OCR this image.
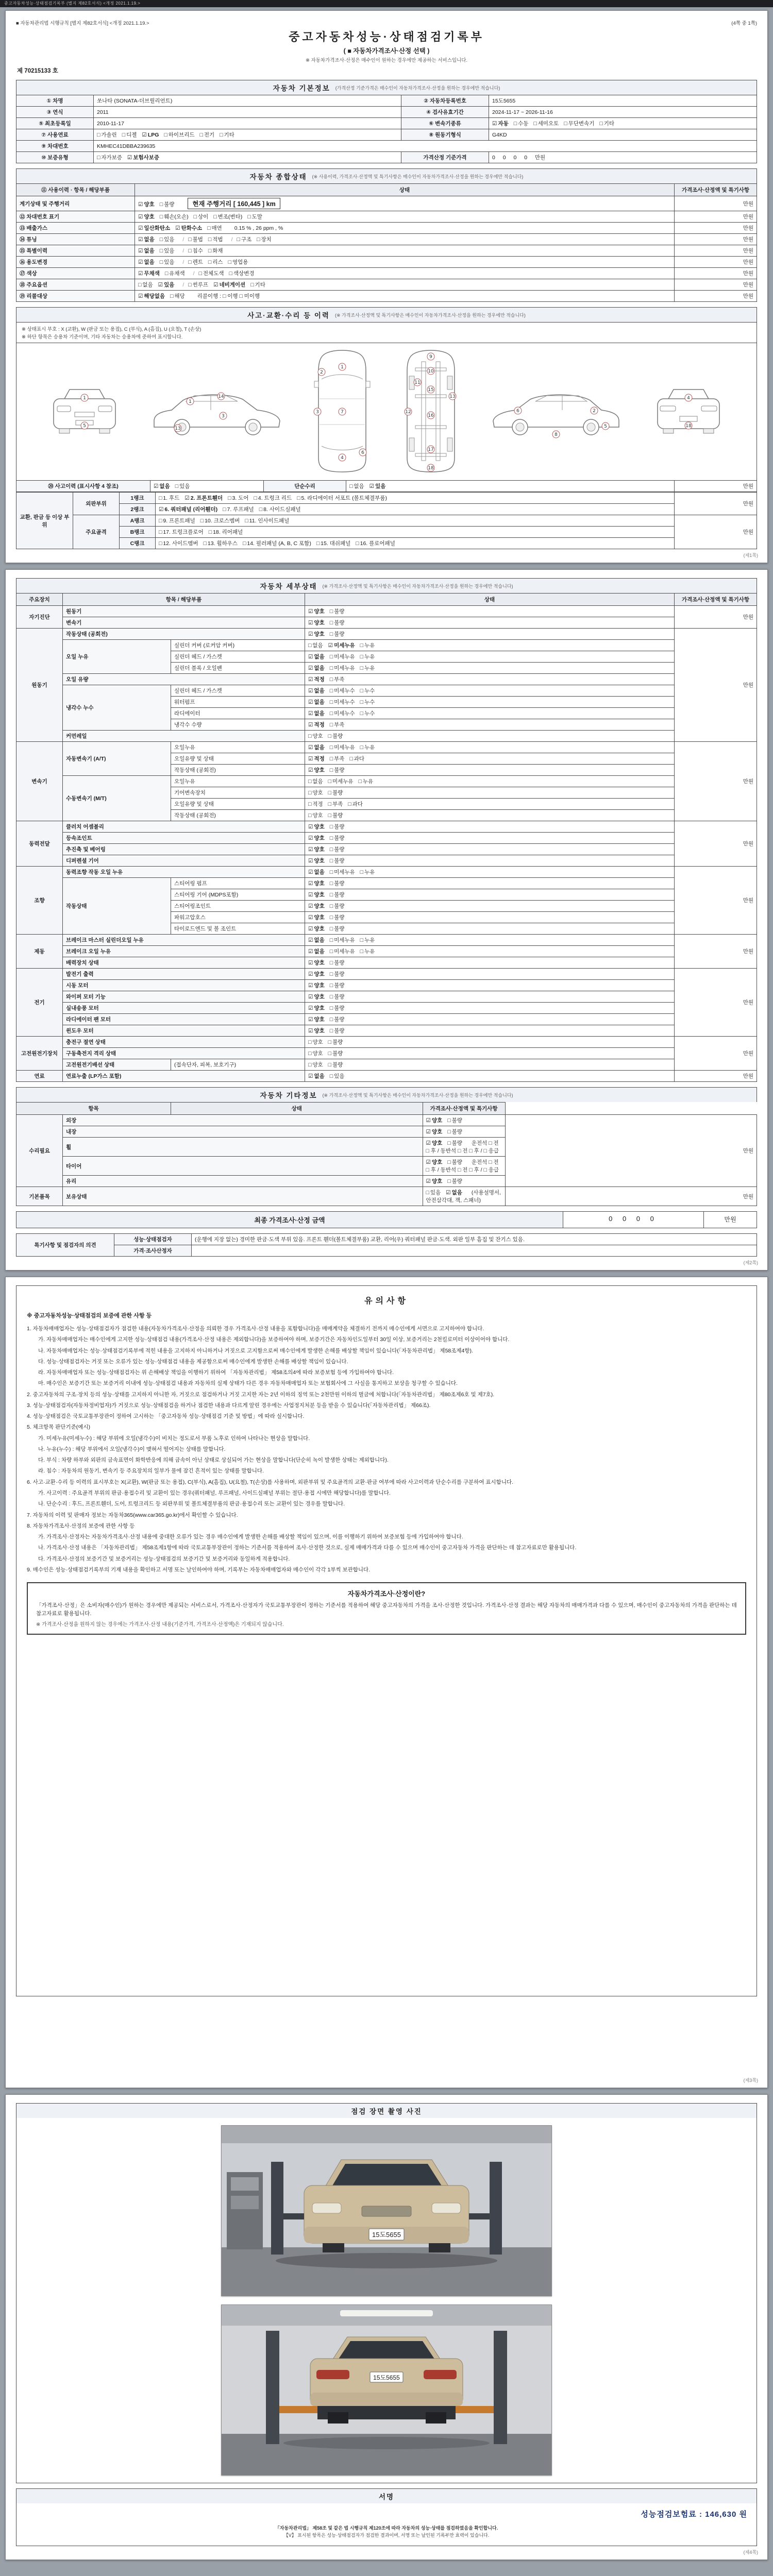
중고자동차성능·상태점검기록부 (별지 제82호서식) <개정 2021.1.19.>
■ 자동차관리법 시행규칙 [별지 제82호서식] <개정 2021.1.19.>	(4쪽 중 1쪽)
중고자동차성능·상태점검기록부
( ■ 자동차가격조사·산정 선택 )
※ 자동차가격조사·산정은 매수인이 원하는 경우에만 제공하는 서비스입니다.
제 70215133 호
자동차 기본정보 (가격산정 기준가격은 매수인이 자동차가격조사·산정을 원하는 경우에만 적습니다)
① 차명	쏘나타 (SONATA-더브릴리언트)	② 자동차등록번호	15도5655
③ 연식	2011	④ 검사유효기간	2024-11-17 ~ 2026-11-16
⑤ 최초등록일	2010-11-17	⑥ 변속기종류	☑ 자동 □ 수동 □ 세미오토 □ 무단변속기 □ 기타
⑦ 사용연료	□ 가솔린 □ 디젤 ☑ LPG □ 하이브리드 □ 전기 □ 기타	⑧ 원동기형식	G4KD
⑨ 차대번호	KMHEC41DBBA239635		
⑩ 보증유형	□ 자가보증 ☑ 보험사보증	가격산정 기준가격	0 0 0 0 만원
자동차 종합상태 (※ 사용이력, 가격조사·산정액 및 특기사항은 매수인이 자동차가격조사·산정을 원하는 경우에만 적습니다)
⑪ 사용이력 · 항목 / 해당부품	상태	가격조사·산정액 및 특기사항
계기상태 및 주행거리	☑ 양호 □ 불량 현재 주행거리 [ 160,445 ] km	만원
⑫ 차대번호 표기	☑ 양호 □ 훼손(오손) □ 상이 □ 변조(변타) □ 도말	만원
⑬ 배출가스	☑ 일산화탄소 ☑ 탄화수소 □ 매연 0.15 % , 26 ppm , %	만원
⑭ 튜닝	☑ 없음 □ 있음 / □ 불법 □ 적법 / □ 구조 □ 장치	만원
⑮ 특별이력	☑ 없음 □ 있음 / □ 침수 □ 화재	만원
⑯ 용도변경	☑ 없음 □ 있음 / □ 렌트 □ 리스 □ 영업용	만원
⑰ 색상	☑ 무채색 □ 유채색 / □ 전체도색 □ 색상변경	만원
⑱ 주요옵션	□ 없음 ☑ 있음 / □ 썬루프 ☑ 네비게이션 □ 기타	만원
⑲ 리콜대상	☑ 해당없음 □ 해당 리콜이행 : □ 이행 □ 미이행	만원
사고·교환·수리 등 이력 (※ 가격조사·산정액 및 특기사항은 매수인이 자동차가격조사·산정을 원하는 경우에만 적습니다)
※ 상태표시 부호 : X (교환), W (판금 또는 용접), C (부식), A (흠집), U (요철), T (손상)
※ 하단 항목은 승용차 기준이며, 기타 자동차는 승용차에 준하여 표시합니다.
1
5
1
14
3
13
1
7
4
2
6
3
9
10
11
15
12
16
13
17
18
5
2
6
8
4
18
⑳ 사고이력 (표시사항 4 참조)	☑ 없음 □ 있음	단순수리	□ 없음 ☑ 있음	만원
교환, 판금 등 이상 부위	외판부위	1랭크	□ 1. 후드 ☑ 2. 프론트휀더 □ 3. 도어 □ 4. 트렁크 리드 □ 5. 라디에이터 서포트 (볼트체결부품)	만원
		2랭크	☑ 6. 쿼터패널 (리어휀더) □ 7. 루프패널 □ 8. 사이드실패널	
	주요골격	A랭크	□ 9. 프론트패널 □ 10. 크로스멤버 □ 11. 인사이드패널	만원
		B랭크	□ 17. 트렁크플로어 □ 18. 리어패널	
		C랭크	□ 12. 사이드멤버 □ 13. 휠하우스 □ 14. 필러패널 (A, B, C 포함) □ 15. 대쉬패널 □ 16. 플로어패널	
(제1쪽)
자동차 세부상태 (※ 가격조사·산정액 및 특기사항은 매수인이 자동차가격조사·산정을 원하는 경우에만 적습니다)
주요장치	항목 / 해당부품		상태	가격조사·산정액 및 특기사항
자기진단	원동기		☑ 양호 □ 불량	만원
	변속기		☑ 양호 □ 불량	
원동기	작동상태 (공회전)		☑ 양호 □ 불량	만원
	오일 누유	실린더 커버 (로커암 커버)	□ 없음 ☑ 미세누유 □ 누유	
		실린더 헤드 / 가스켓	☑ 없음 □ 미세누유 □ 누유	
		실린더 블록 / 오일팬	☑ 없음 □ 미세누유 □ 누유	
	오일 유량		☑ 적정 □ 부족	
	냉각수 누수	실린더 헤드 / 가스켓	☑ 없음 □ 미세누수 □ 누수	
		워터펌프	☑ 없음 □ 미세누수 □ 누수	
		라디에이터	☑ 없음 □ 미세누수 □ 누수	
		냉각수 수량	☑ 적정 □ 부족	
	커먼레일		□ 양호 □ 불량	
변속기	자동변속기 (A/T)	오일누유	☑ 없음 □ 미세누유 □ 누유	만원
		오일유량 및 상태	☑ 적정 □ 부족 □ 과다	
		작동상태 (공회전)	☑ 양호 □ 불량	
	수동변속기 (M/T)	오일누유	□ 없음 □ 미세누유 □ 누유	
		기어변속장치	□ 양호 □ 불량	
		오일유량 및 상태	□ 적정 □ 부족 □ 과다	
		작동상태 (공회전)	□ 양호 □ 불량	
동력전달	클러치 어셈블리		☑ 양호 □ 불량	만원
	등속조인트		☑ 양호 □ 불량	
	추진축 및 베어링		☑ 양호 □ 불량	
	디퍼렌셜 기어		☑ 양호 □ 불량	
조향	동력조향 작동 오일 누유		☑ 없음 □ 미세누유 □ 누유	만원
	작동상태	스티어링 펌프	☑ 양호 □ 불량	
		스티어링 기어 (MDPS포함)	☑ 양호 □ 불량	
		스티어링조인트	☑ 양호 □ 불량	
		파워고압호스	☑ 양호 □ 불량	
		타이로드엔드 및 볼 조인트	☑ 양호 □ 불량	
제동	브레이크 마스터 실린더오일 누유		☑ 없음 □ 미세누유 □ 누유	만원
	브레이크 오일 누유		☑ 없음 □ 미세누유 □ 누유	
	배력장치 상태		☑ 양호 □ 불량	
전기	발전기 출력		☑ 양호 □ 불량	만원
	시동 모터		☑ 양호 □ 불량	
	와이퍼 모터 기능		☑ 양호 □ 불량	
	실내송풍 모터		☑ 양호 □ 불량	
	라디에이터 팬 모터		☑ 양호 □ 불량	
	윈도우 모터		☑ 양호 □ 불량	
고전원전기장치	충전구 절연 상태		□ 양호 □ 불량	만원
	구동축전지 격리 상태		□ 양호 □ 불량	
	고전원전기배선 상태	(접속단자, 피복, 보호기구)	□ 양호 □ 불량	
연료	연료누출 (LP가스 포함)		☑ 없음 □ 있음	만원
자동차 기타정보 (※ 가격조사·산정액 및 특기사항은 매수인이 자동차가격조사·산정을 원하는 경우에만 적습니다)
항목		상태	가격조사·산정액 및 특기사항	
수리필요	외장		☑ 양호 □ 불량	만원
	내장		☑ 양호 □ 불량	
	휠		☑ 양호 □ 불량 운전석 □ 전 □ 후 / 동반석 □ 전 □ 후 / □ 응급	
	타이어		☑ 양호 □ 불량 운전석 □ 전 □ 후 / 동반석 □ 전 □ 후 / □ 응급	
	유리		☑ 양호 □ 불량	
기본품목	보유상태		□ 있음 ☑ 없음 (사용설명서, 안전삼각대, 잭, 스패너)	만원
최종 가격조사·산정 금액	0 0 0 0	만원
특기사항 및 점검자의 의견	성능·상태점검자	(운행에 지장 없는) 경미한 판금·도색 부위 있음. 프론트 휀더(볼트체결부품) 교환, 리어(우) 쿼터패널 판금·도색. 외판 일부 흠집 및 잔기스 있음.
	가격·조사산정자	
(제2쪽)
유의사항
※ 중고자동차성능·상태점검의 보증에 관한 사항 등

1. 자동차매매업자는 성능·상태점검자가 점검한 내용(자동차가격조사·산정을 의뢰한 경우 가격조사·산정 내용을 포함합니다)을 매매계약을 체결하기 전까지 매수인에게 서면으로 고지하여야 합니다.

가. 자동차매매업자는 매수인에게 고지한 성능·상태점검 내용(가격조사·산정 내용은 제외합니다)을 보증하여야 하며, 보증기간은 자동차인도일부터 30일 이상, 보증거리는 2천킬로미터 이상이어야 합니다.

나. 자동차매매업자는 성능·상태점검기록부에 적힌 내용을 고지하지 아니하거나 거짓으로 고지함으로써 매수인에게 발생한 손해를 배상할 책임이 있습니다(「자동차관리법」 제58조제4항).

다. 성능·상태점검자는 거짓 또는 오류가 있는 성능·상태점검 내용을 제공함으로써 매수인에게 발생한 손해를 배상할 책임이 있습니다.

라. 자동차매매업자 또는 성능·상태점검자는 위 손해배상 책임을 이행하기 위하여 「자동차관리법」 제58조의4에 따라 보증보험 등에 가입하여야 합니다.

마. 매수인은 보증기간 또는 보증거리 이내에 성능·상태점검 내용과 자동차의 실제 상태가 다른 경우 자동차매매업자 또는 보험회사에 그 사실을 통지하고 보상을 청구할 수 있습니다.

2. 중고자동차의 구조·장치 등의 성능·상태를 고지하지 아니한 자, 거짓으로 점검하거나 거짓 고지한 자는 2년 이하의 징역 또는 2천만원 이하의 벌금에 처합니다(「자동차관리법」 제80조제6호 및 제7호).

3. 성능·상태점검자(자동차정비업자)가 거짓으로 성능·상태점검을 하거나 점검한 내용과 다르게 알린 경우에는 사업정지처분 등을 받을 수 있습니다(「자동차관리법」 제66조).

4. 성능·상태점검은 국토교통부장관이 정하여 고시하는 「중고자동차 성능·상태점검 기준 및 방법」에 따라 실시합니다.

5. 체크항목 판단기준(예시)

가. 미세누유(미세누수) : 해당 부위에 오일(냉각수)이 비치는 정도로서 부품 노후로 인하여 나타나는 현상을 말합니다.

나. 누유(누수) : 해당 부위에서 오일(냉각수)이 맺혀서 떨어지는 상태를 말합니다.

다. 부식 : 차량 하부와 외판의 금속표면이 화학반응에 의해 금속이 아닌 상태로 상실되어 가는 현상을 말합니다(단순히 녹이 발생한 상태는 제외합니다).

라. 침수 : 자동차의 원동기, 변속기 등 주요장치의 일부가 물에 잠긴 흔적이 있는 상태를 말합니다.

6. 사고·교환·수리 등 이력의 표시부호는 X(교환), W(판금 또는 용접), C(부식), A(흠집), U(요철), T(손상)를 사용하며, 외판부위 및 주요골격의 교환·판금 여부에 따라 사고이력과 단순수리를 구분하여 표시합니다.

가. 사고이력 : 주요골격 부위의 판금·용접수리 및 교환이 있는 경우(쿼터패널, 루프패널, 사이드실패널 부위는 절단·용접 시에만 해당합니다)를 말합니다.

나. 단순수리 : 후드, 프론트휀더, 도어, 트렁크리드 등 외판부위 및 볼트체결부품의 판금·용접수리 또는 교환이 있는 경우를 말합니다.

7. 자동차의 이력 및 판매자 정보는 자동차365(www.car365.go.kr)에서 확인할 수 있습니다.

8. 자동차가격조사·산정의 보증에 관한 사항 등

가. 가격조사·산정자는 자동차가격조사·산정 내용에 중대한 오류가 있는 경우 매수인에게 발생한 손해를 배상할 책임이 있으며, 이를 이행하기 위하여 보증보험 등에 가입하여야 합니다.

나. 가격조사·산정 내용은 「자동차관리법」 제58조제1항에 따라 국토교통부장관이 정하는 기준서를 적용하여 조사·산정한 것으로, 실제 매매가격과 다를 수 있으며 매수인이 중고자동차 가격을 판단하는 데 참고자료로만 활용됩니다.

다. 가격조사·산정의 보증기간 및 보증거리는 성능·상태점검의 보증기간 및 보증거리와 동일하게 적용합니다.

9. 매수인은 성능·상태점검기록부의 기재 내용을 확인하고 서명 또는 날인하여야 하며, 기록부는 자동차매매업자와 매수인이 각각 1부씩 보관합니다.

자동차가격조사·산정이란?
「가격조사·산정」은 소비자(매수인)가 원하는 경우에만 제공되는 서비스로서, 가격조사·산정자가 국토교통부장관이 정하는 기준서를 적용하여 해당 중고자동차의 가격을 조사·산정한 것입니다. 가격조사·산정 결과는 해당 자동차의 매매가격과 다를 수 있으며, 매수인이 중고자동차의 가격을 판단하는 데 참고자료로 활용됩니다.
※ 가격조사·산정을 원하지 않는 경우에는 가격조사·산정 내용(기준가격, 가격조사·산정액)은 기재되지 않습니다.
(제3쪽)
점검 장면 촬영 사진
15도5655
15도5655
서명
성능점검보험료 : 146,630 원
「자동차관리법」 제58조 및 같은 법 시행규칙 제120조에 따라 자동차의 성능·상태를 점검하였음을 확인합니다.
【V】 표시된 항목은 성능·상태점검자가 점검한 결과이며, 서명 또는 날인된 기록부만 효력이 있습니다.
(제4쪽)
